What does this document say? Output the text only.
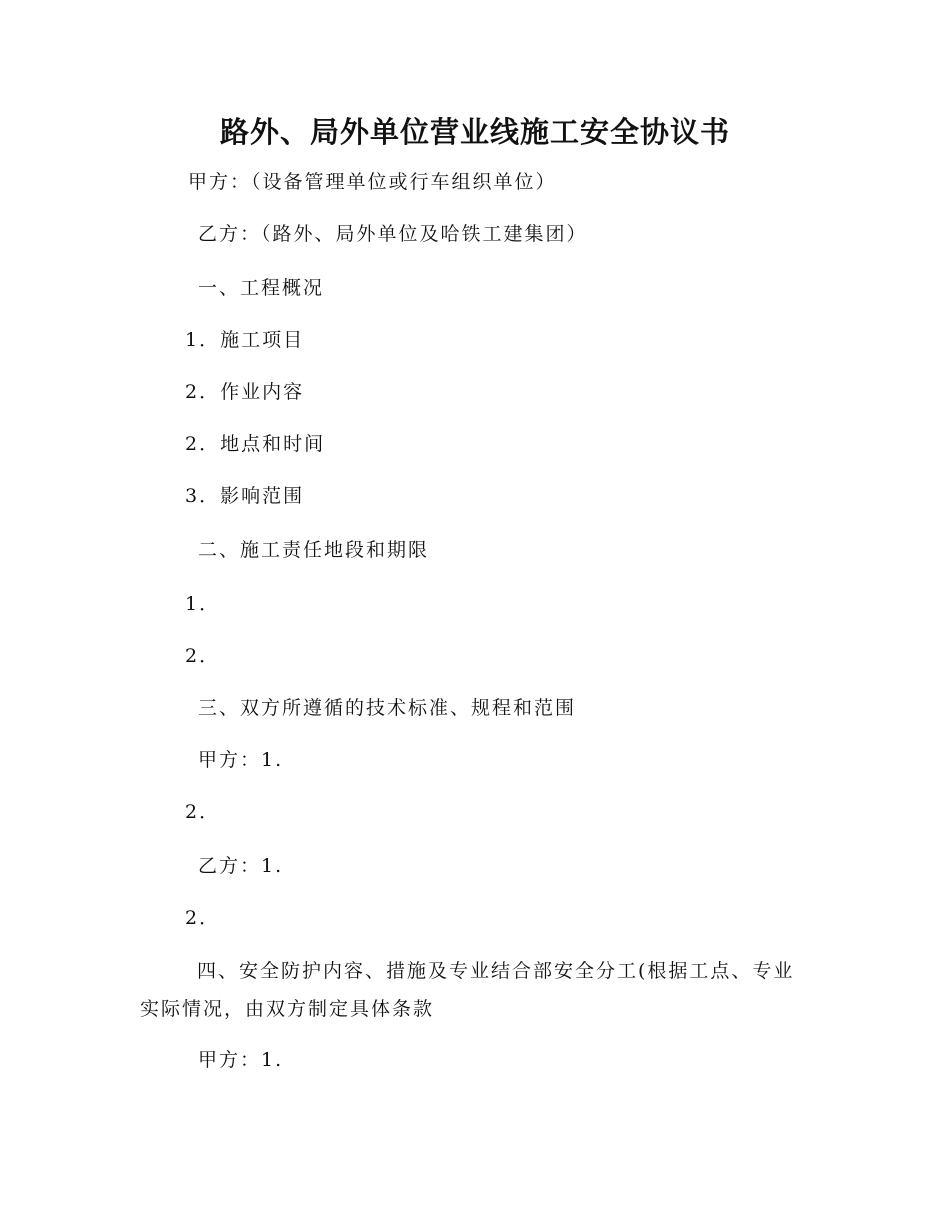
路外、局外单位营业线施工安全协议书

甲方：（设备管理单位或行车组织单位）

乙方：（路外、局外单位及哈铁工建集团）

一、工程概况

1．施工项目

2．作业内容

2．地点和时间

3．影响范围

二、施工责任地段和期限

1．

2．

三、双方所遵循的技术标准、规程和范围

甲方：1.

2．

乙方：1.

2．

四、安全防护内容、措施及专业结合部安全分工(根据工点、专业实际情况，由双方制定具体条款

甲方：1.
